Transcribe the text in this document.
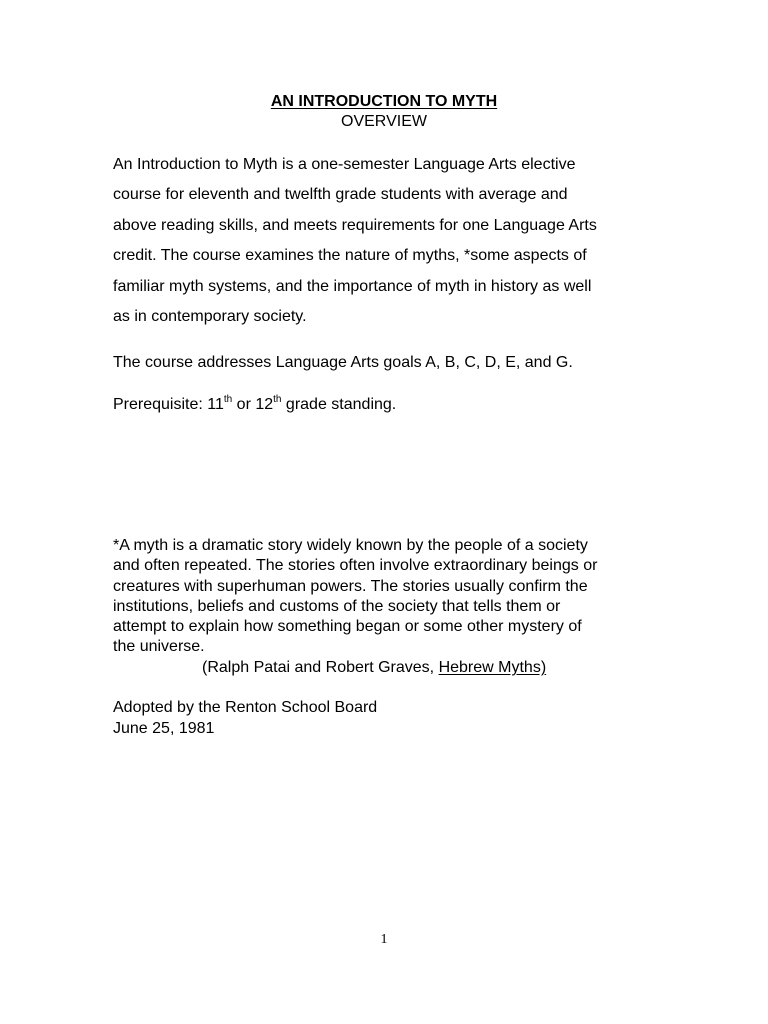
AN INTRODUCTION TO MYTH
OVERVIEW

An Introduction to Myth is a one-semester Language Arts elective
course for eleventh and twelfth grade students with average and
above reading skills, and meets requirements for one Language Arts
credit. The course examines the nature of myths, *some aspects of
familiar myth systems, and the importance of myth in history as well
as in contemporary society.

The course addresses Language Arts goals A, B, C, D, E, and G.
Prerequisite: 11th or 12th grade standing.
*A myth is a dramatic story widely known by the people of a society
and often repeated. The stories often involve extraordinary beings or
creatures with superhuman powers. The stories usually confirm the
institutions, beliefs and customs of the society that tells them or
attempt to explain how something began or some other mystery of
the universe.
(Ralph Patai and Robert Graves, Hebrew Myths)
Adopted by the Renton School Board
June 25, 1981
1
